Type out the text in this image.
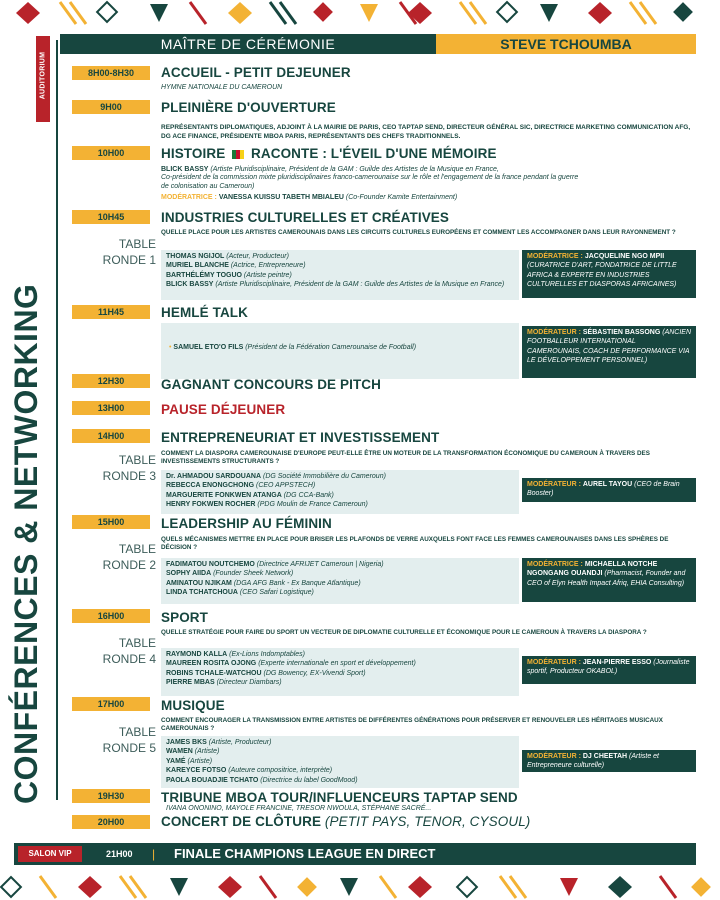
AUDITORIUM
CONFÉRENCES & NETWORKING
MAÎTRE DE CÉRÉMONIE	STEVE TCHOUMBA
8H00-8H30	ACCUEIL - PETIT DEJEUNER
HYMNE NATIONALE DU CAMEROUN
9H00	PLEINIÈRE D'OUVERTURE
REPRÉSENTANTS DIPLOMATIQUES, ADJOINT À LA MAIRIE DE PARIS, CEO TAPTAP SEND, DIRECTEUR GÉNÉRAL SIC, DIRECTRICE MARKETING COMMUNICATION AFG, DG ACE FINANCE, PRÉSIDENTE MBOA PARIS, REPRÉSENTANTS DES CHEFS TRADITIONNELS.
10H00	HISTOIRE RACONTE : L'ÉVEIL D'UNE MÉMOIRE
BLICK BASSY (Artiste Pluridisciplinaire, Président de la GAM : Guilde des Artistes de la Musique en France,
Co-président de la commission mixte pluridisciplinaires franco-camerounaise sur le rôle et l'engagement de la france pendant la guerre
de colonisation au Cameroun)
MODÉRATRICE : VANESSA KUISSU TABETH MBIALEU (Co-Founder Kamite Entertainment)
10H45	INDUSTRIES CULTURELLES ET CRÉATIVES
TABLE
RONDE 1
QUELLE PLACE POUR LES ARTISTES CAMEROUNAIS DANS LES CIRCUITS CULTURELS EUROPÉENS ET COMMENT LES ACCOMPAGNER DANS LEUR RAYONNEMENT ?

THOMAS NGIJOL (Acteur, Producteur)

MURIEL BLANCHE (Actrice, Entrepreneure)

BARTHÉLÉMY TOGUO (Artiste peintre)

BLICK BASSY (Artiste Pluridisciplinaire, Président de la GAM : Guilde des Artistes de la Musique en France)

MODÉRATRICE : JACQUELINE NGO MPII (CURATRICE D'ART, FONDATRICE DE LITTLE AFRICA & EXPERTE EN INDUSTRIES CULTURELLES ET DIASPORAS AFRICAINES)
11H45	HEMLÉ TALK

• SAMUEL ETO'O FILS (Président de la Fédération Camerounaise de Football)

MODÉRATEUR : SÉBASTIEN BASSONG (ANCIEN FOOTBALLEUR INTERNATIONAL CAMEROUNAIS, COACH DE PERFORMANCE VIA LE DÉVELOPPEMENT PERSONNEL)
12H30	GAGNANT CONCOURS DE PITCH
13H00	PAUSE DÉJEUNER
14H00	ENTREPRENEURIAT ET INVESTISSEMENT
TABLE
RONDE 3
COMMENT LA DIASPORA CAMEROUNAISE D'EUROPE PEUT-ELLE ÊTRE UN MOTEUR DE LA TRANSFORMATION ÉCONOMIQUE DU CAMEROUN À TRAVERS DES INVESTISSEMENTS STRUCTURANTS ?

Dr. AHMADOU SARDOUANA (DG Société Immobilière du Cameroun)

REBECCA ENONGCHONG (CEO APPSTECH)

MARGUERITE FONKWEN ATANGA (DG CCA-Bank)

HENRY FOKWEN ROCHER (PDG Moulin de France Cameroun)

MODÉRATEUR : AUREL TAYOU (CEO de Brain Booster)
15H00	LEADERSHIP AU FÉMININ
TABLE
RONDE 2
QUELS MÉCANISMES METTRE EN PLACE POUR BRISER LES PLAFONDS DE VERRE AUXQUELS FONT FACE LES FEMMES CAMEROUNAISES DANS LES SPHÈRES DE DÉCISION ?

FADIMATOU NOUTCHEMO (Directrice AFRIJET Cameroun | Nigeria)

SOPHY AIIDA (Founder Sheek Network)

AMINATOU NJIKAM (DGA AFG Bank - Ex Banque Atlantique)

LINDA TCHATCHOUA (CEO Safari Logistique)

MODÉRATRICE : MICHAELLA NOTCHE NGONGANG OUANDJI (Pharmacist, Founder and CEO of Elyn Health Impact Afriq, EHIA Consulting)
16H00	SPORT
TABLE
RONDE 4
QUELLE STRATÉGIE POUR FAIRE DU SPORT UN VECTEUR DE DIPLOMATIE CULTURELLE ET ÉCONOMIQUE POUR LE CAMEROUN À TRAVERS LA DIASPORA ?

RAYMOND KALLA (Ex-Lions Indomptables)

MAUREEN ROSITA OJONG (Experte internationale en sport et développement)

ROBINS TCHALE-WATCHOU (DG Bowency, EX-Vivendi Sport)

PIERRE MBAS (Directeur Diambars)

MODÉRATEUR : JEAN-PIERRE ESSO (Journaliste sportif, Producteur OKABOL)
17H00	MUSIQUE
TABLE
RONDE 5
COMMENT ENCOURAGER LA TRANSMISSION ENTRE ARTISTES DE DIFFÉRENTES GÉNÉRATIONS POUR PRÉSERVER ET RENOUVELER LES HÉRITAGES MUSICAUX CAMEROUNAIS ?

JAMES BKS (Artiste, Producteur)

WAMEN (Artiste)

YAMÉ (Artiste)

KAREYCE FOTSO (Auteure compositrice, interprète)

PAOLA BOUADJIE TCHATO (Directrice du label GoodMood)

MODÉRATEUR : DJ CHEETAH (Artiste et Entrepreneure culturelle)
19H30	TRIBUNE MBOA TOUR/INFLUENCEURS TAPTAP SEND
IVANA ONONINO, MAYOLE FRANCINE, TRESOR NWOULA, STÉPHANE SACRÉ...
20H00	CONCERT DE CLÔTURE (PETIT PAYS, TENOR, CYSOUL)
SALON VIP	21H00 | FINALE CHAMPIONS LEAGUE EN DIRECT
